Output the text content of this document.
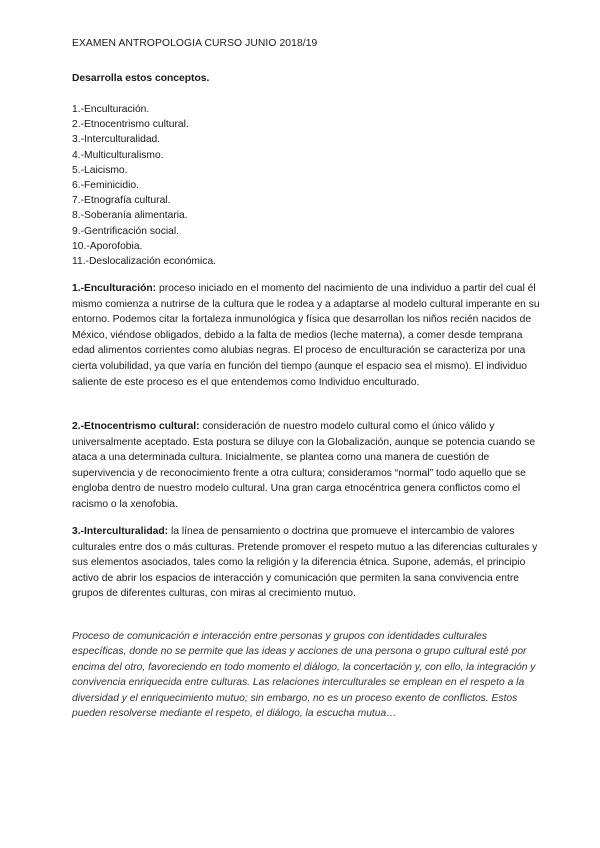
EXAMEN ANTROPOLOGIA CURSO JUNIO 2018/19
Desarrolla estos conceptos.
1.-Enculturación.
2.-Etnocentrismo cultural.
3.-Interculturalidad.
4.-Multiculturalismo.
5.-Laicismo.
6.-Feminicidio.
7.-Etnografía cultural.
8.-Soberanía alimentaria.
9.-Gentrificación social.
10.-Aporofobia.
11.-Deslocalización económica.

1.-Enculturación: proceso iniciado en el momento del nacimiento de una individuo a partir del cual él mismo comienza a nutrirse de la cultura que le rodea y a adaptarse al modelo cultural imperante en su entorno. Podemos citar la fortaleza inmunológica y física que desarrollan los niños recién nacidos de México, viéndose obligados, debido a la falta de medios (leche materna), a comer desde temprana edad alimentos corrientes como alubias negras. El proceso de enculturación se caracteriza por una cierta volubilidad, ya que varía en función del tiempo (aunque el espacio sea el mismo). El individuo saliente de este proceso es el que entendemos como Individuo enculturado.

2.-Etnocentrismo cultural: consideración de nuestro modelo cultural como el único válido y universalmente aceptado. Esta postura se diluye con la Globalización, aunque se potencia cuando se ataca a una determinada cultura. Inicialmente, se plantea como una manera de cuestión de supervivencia y de reconocimiento frente a otra cultura; consideramos “normal” todo aquello que se engloba dentro de nuestro modelo cultural. Una gran carga etnocéntrica genera conflictos como el racismo o la xenofobia.

3.-Interculturalidad: la línea de pensamiento o doctrina que promueve el intercambio de valores culturales entre dos o más culturas. Pretende promover el respeto mutuo a las diferencias culturales y sus elementos asociados, tales como la religión y la diferencia étnica. Supone, además, el principio activo de abrir los espacios de interacción y comunicación que permiten la sana convivencia entre grupos de diferentes culturas, con miras al crecimiento mutuo.

Proceso de comunicación e interacción entre personas y grupos con identidades culturales específicas, donde no se permite que las ideas y acciones de una persona o grupo cultural esté por encima del otro, favoreciendo en todo momento el diálogo, la concertación y, con ello, la integración y convivencia enriquecida entre culturas. Las relaciones interculturales se emplean en el respeto a la diversidad y el enriquecimiento mutuo; sin embargo, no es un proceso exento de conflictos. Estos pueden resolverse mediante el respeto, el diálogo, la escucha mutua…
